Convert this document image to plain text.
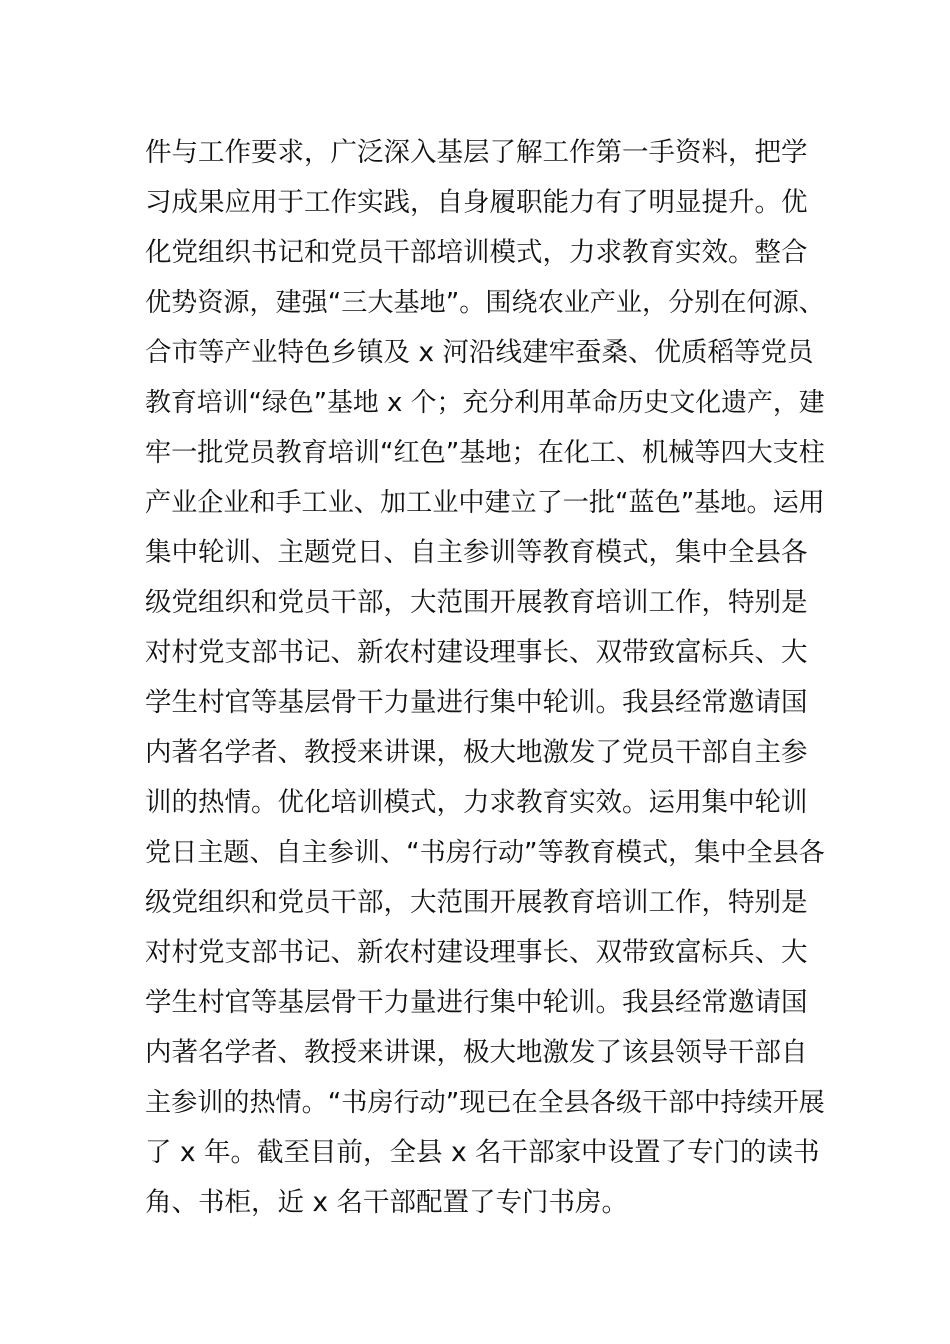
件与工作要求，广泛深入基层了解工作第一手资料，把学
习成果应用于工作实践，自身履职能力有了明显提升。优
化党组织书记和党员干部培训模式，力求教育实效。整合
优势资源，建强“三大基地”。围绕农业产业，分别在何源、
合市等产业特色乡镇及 x 河沿线建牢蚕桑、优质稻等党员
教育培训“绿色”基地 x 个；充分利用革命历史文化遗产，建
牢一批党员教育培训“红色”基地；在化工、机械等四大支柱
产业企业和手工业、加工业中建立了一批“蓝色”基地。运用
集中轮训、主题党日、自主参训等教育模式，集中全县各
级党组织和党员干部，大范围开展教育培训工作，特别是
对村党支部书记、新农村建设理事长、双带致富标兵、大
学生村官等基层骨干力量进行集中轮训。我县经常邀请国
内著名学者、教授来讲课，极大地激发了党员干部自主参
训的热情。优化培训模式，力求教育实效。运用集中轮训
党日主题、自主参训、“书房行动”等教育模式，集中全县各
级党组织和党员干部，大范围开展教育培训工作，特别是
对村党支部书记、新农村建设理事长、双带致富标兵、大
学生村官等基层骨干力量进行集中轮训。我县经常邀请国
内著名学者、教授来讲课，极大地激发了该县领导干部自
主参训的热情。“书房行动”现已在全县各级干部中持续开展
了 x 年。截至目前，全县 x 名干部家中设置了专门的读书
角、书柜，近 x 名干部配置了专门书房。
